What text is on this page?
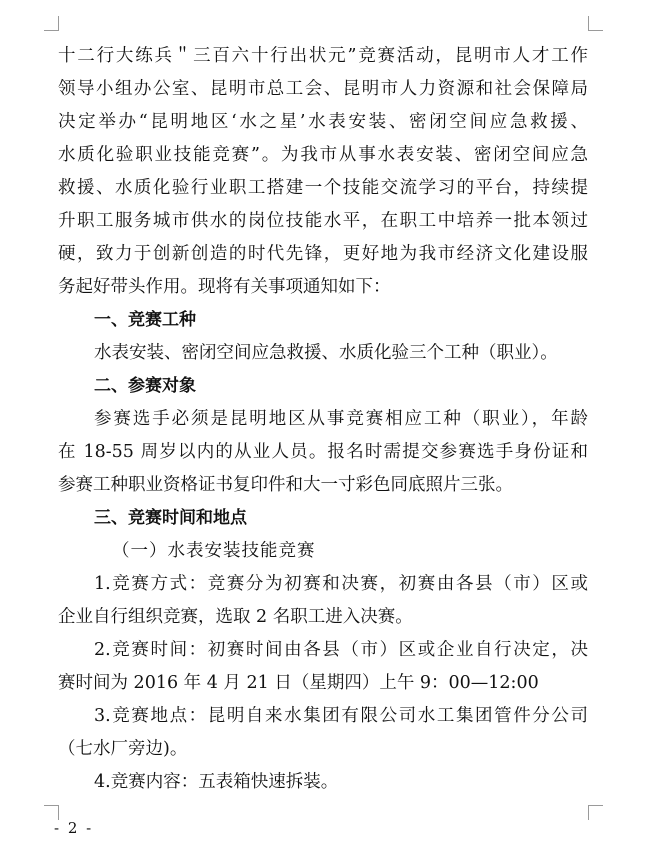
十二行大练兵＂三百六十行出状元”竞赛活动，昆明市人才工作
领导小组办公室、昆明市总工会、昆明市人力资源和社会保障局
决定举办“昆明地区‘水之星’水表安装、密闭空间应急救援、
水质化验职业技能竞赛”。为我市从事水表安装、密闭空间应急
救援、水质化验行业职工搭建一个技能交流学习的平台，持续提
升职工服务城市供水的岗位技能水平，在职工中培养一批本领过
硬，致力于创新创造的时代先锋，更好地为我市经济文化建设服
务起好带头作用。现将有关事项通知如下：
一、竞赛工种
水表安装、密闭空间应急救援、水质化验三个工种（职业）。
二、参赛对象
参赛选手必须是昆明地区从事竞赛相应工种（职业），年龄
在 18-55 周岁以内的从业人员。报名时需提交参赛选手身份证和
参赛工种职业资格证书复印件和大一寸彩色同底照片三张。
三、竞赛时间和地点
（一）水表安装技能竞赛
1.竞赛方式：竞赛分为初赛和决赛，初赛由各县（市）区或
企业自行组织竞赛，选取 2 名职工进入决赛。
2.竞赛时间：初赛时间由各县（市）区或企业自行决定，决
赛时间为 2016 年 4 月 21 日（星期四）上午 9：00—12:00
3.竞赛地点：昆明自来水集团有限公司水工集团管件分公司
（七水厂旁边)。
4.竞赛内容：五表箱快速拆装。
- 2 -
